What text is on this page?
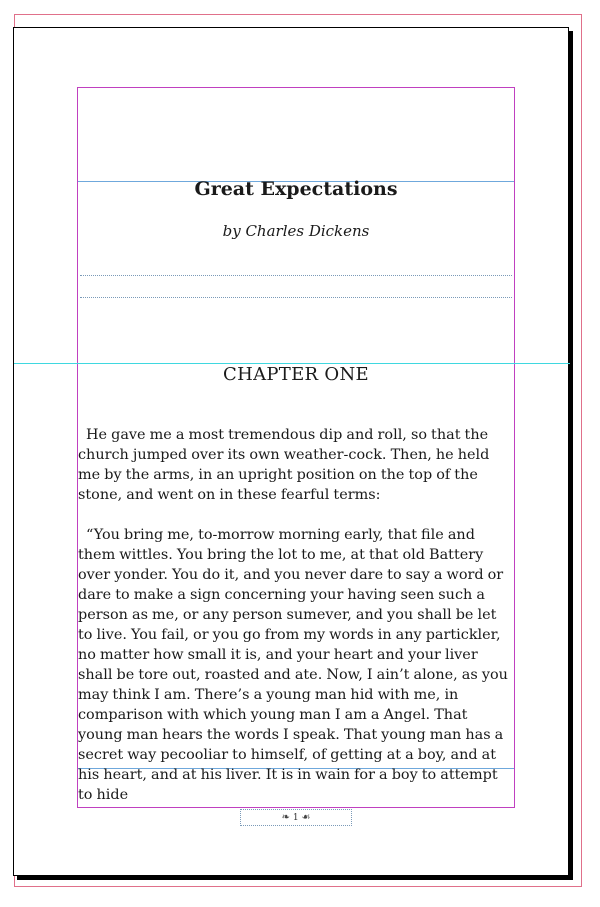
Great Expectations
by Charles Dickens
CHAPTER ONE

He gave me a most tremendous dip and roll, so that the church jumped over its own weather-cock. Then, he held me by the arms, in an upright position on the top of the stone, and went on in these fearful terms:

“You bring me, to-morrow morning early, that file and them wittles. You bring the lot to me, at that old Battery over yonder. You do it, and you never dare to say a word or dare to make a sign concerning your having seen such a person as me, or any person sumever, and you shall be let to live. You fail, or you go from my words in any partickler, no matter how small it is, and your heart and your liver shall be tore out, roasted and ate. Now, I ain’t alone, as you may think I am. There’s a young man hid with me, in comparison with which young man I am a Angel. That young man hears the words I speak. That young man has a secret way pecooliar to himself, of getting at a boy, and at his heart, and at his liver. It is in wain for a boy to attempt to hide

❧ 1 ☙
